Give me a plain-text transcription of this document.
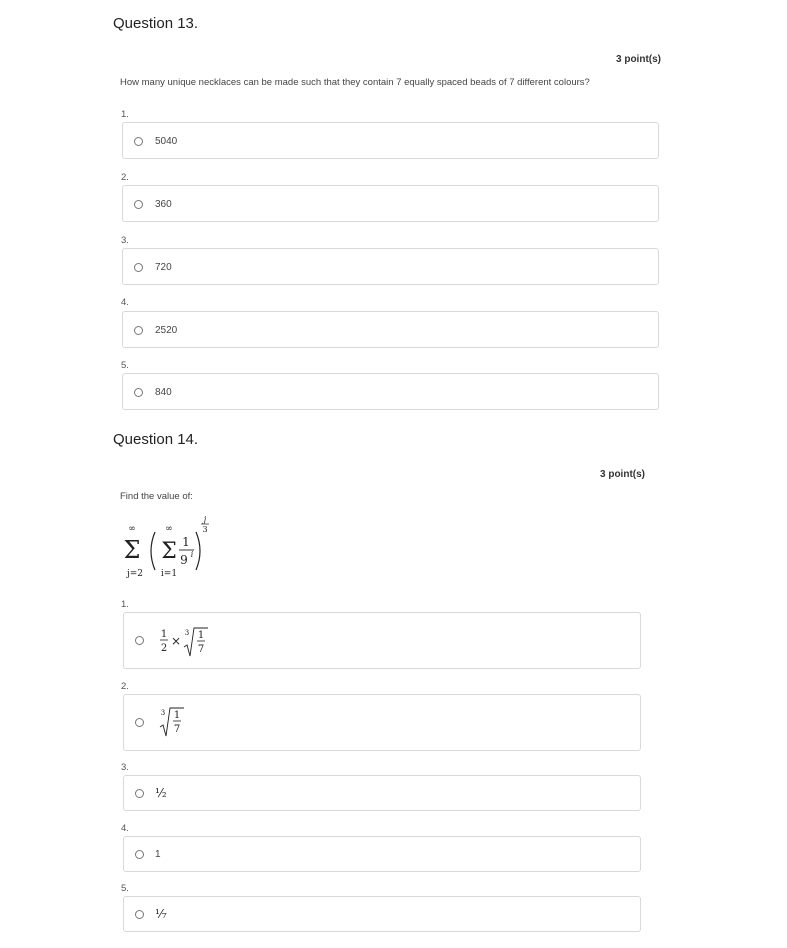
Question 13.
3 point(s)
How many unique necklaces can be made such that they contain 7 equally spaced beads of 7 different colours?
1.
5040
2.
360
3.
720
4.
2520
5.
840
Question 14.
3 point(s)
Find the value of:
∞
Σ
j=2
∞
Σ
i=1
1
9 i
j
3
1.
1
2
×
3 1
7
2.
3 1
7
3.
½
4.
1
5.
⅐
